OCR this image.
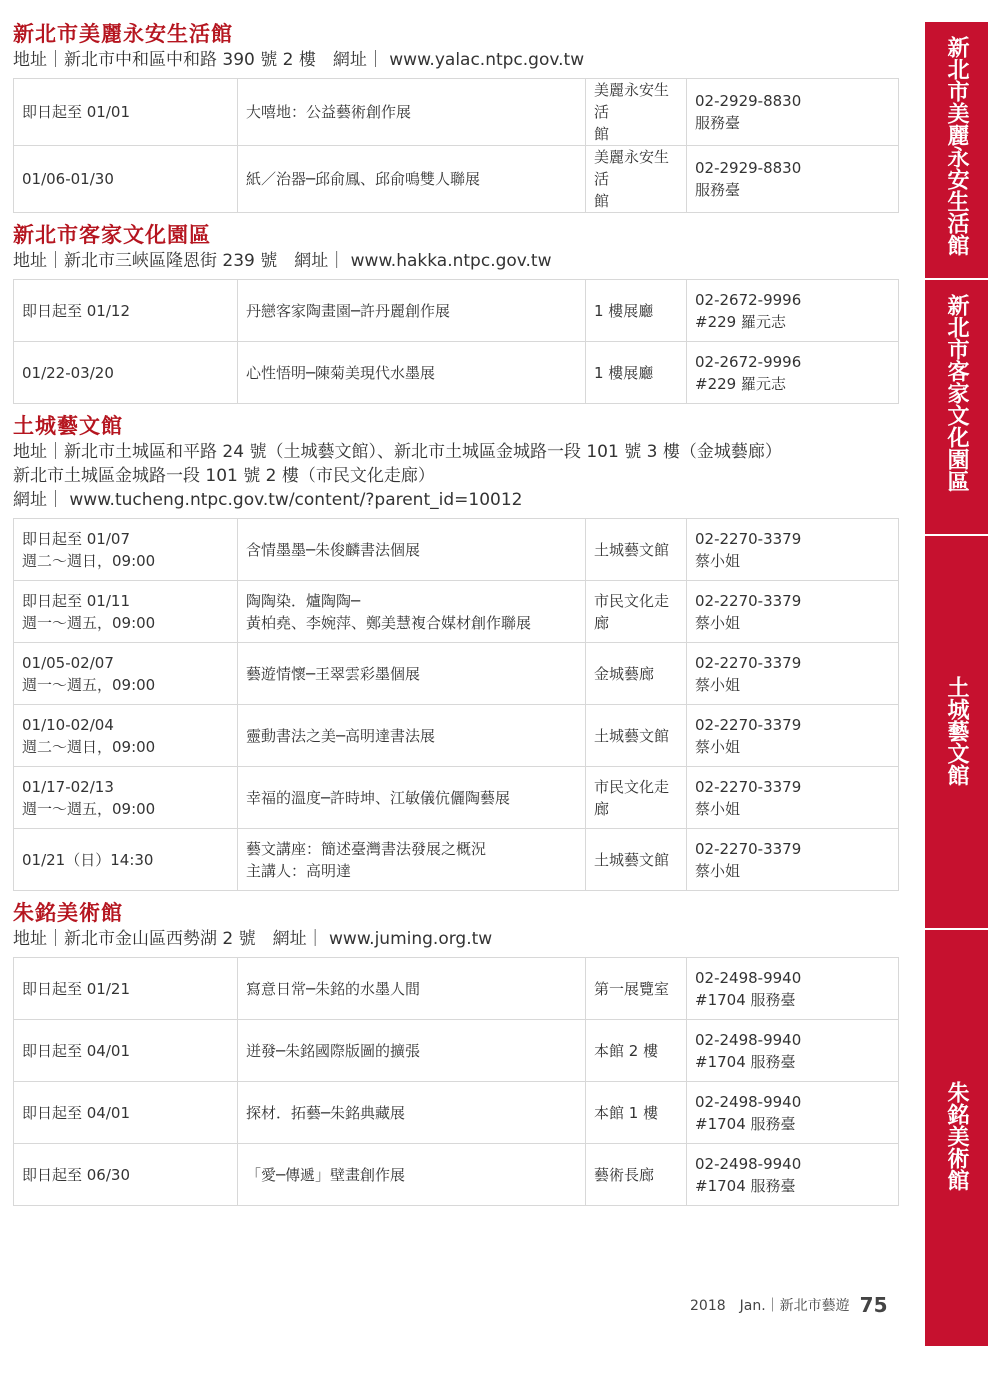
新北市美麗永安生活館
地址｜新北市中和區中和路 390 號 2 樓　網址｜ www.yalac.ntpc.gov.tw
即日起至 01/01	大嘻地：公益藝術創作展	美麗永安生活
館	02-2929-8830
服務臺

01/06-01/30	紙／治器─邱俞鳳、邱俞鳴雙人聯展	美麗永安生活
館	02-2929-8830
服務臺
新北市客家文化園區
地址｜新北市三峽區隆恩街 239 號　網址｜ www.hakka.ntpc.gov.tw
即日起至 01/12	丹戀客家陶畫園─許丹麗創作展	1 樓展廳	02-2672-9996
#229 羅元志

01/22-03/20	心性悟明─陳菊美現代水墨展	1 樓展廳	02-2672-9996
#229 羅元志
土城藝文館
地址｜新北市土城區和平路 24 號（土城藝文館）、新北市土城區金城路一段 101 號 3 樓（金城藝廊）
新北市土城區金城路一段 101 號 2 樓（市民文化走廊）
網址｜ www.tucheng.ntpc.gov.tw/content/?parent_id=10012
即日起至 01/07
週二～週日，09:00	含情墨墨─朱俊麟書法個展	土城藝文館	02-2270-3379
蔡小姐

即日起至 01/11
週一～週五，09:00	陶陶染．爐陶陶─
黃柏堯、李婉萍、鄭美慧複合媒材創作聯展	市民文化走廊	02-2270-3379
蔡小姐

01/05-02/07
週一～週五，09:00	藝遊情懷─王翠雲彩墨個展	金城藝廊	02-2270-3379
蔡小姐

01/10-02/04
週二～週日，09:00	靈動書法之美─高明達書法展	土城藝文館	02-2270-3379
蔡小姐

01/17-02/13
週一～週五，09:00	幸福的溫度─許時坤、江敏儀伉儷陶藝展	市民文化走廊	02-2270-3379
蔡小姐

01/21（日）14:30	藝文講座：簡述臺灣書法發展之概況
主講人：高明達	土城藝文館	02-2270-3379
蔡小姐
朱銘美術館
地址｜新北市金山區西勢湖 2 號　網址｜ www.juming.org.tw
即日起至 01/21	寫意日常─朱銘的水墨人間	第一展覽室	02-2498-9940
#1704 服務臺

即日起至 04/01	迸發─朱銘國際版圖的擴張	本館 2 樓	02-2498-9940
#1704 服務臺

即日起至 04/01	探材．拓藝─朱銘典藏展	本館 1 樓	02-2498-9940
#1704 服務臺

即日起至 06/30	「愛─傳遞」壁畫創作展	藝術長廊	02-2498-9940
#1704 服務臺
新北市美麗永安生活館
新北市客家文化園區
土城藝文館
朱銘美術館
2018　Jan.｜新北市藝遊 75
